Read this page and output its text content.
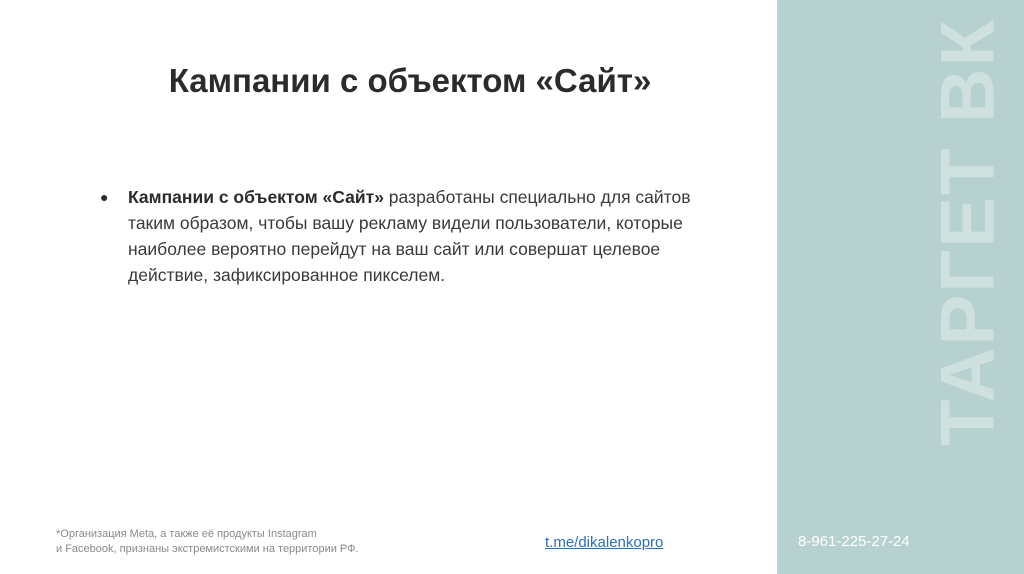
ТАРГЕТ ВК
8-961-225-27-24
Кампании с объектом «Сайт»
●	Кампании с объектом «Сайт» разработаны специально для сайтов таким образом, чтобы вашу рекламу видели пользователи, которые наиболее вероятно перейдут на ваш сайт или совершат целевое действие, зафиксированное пикселем.
*Организация Meta, а также её продукты Instagram
и Facebook, признаны экстремистскими на территории РФ.	t.me/dikalenkopro
